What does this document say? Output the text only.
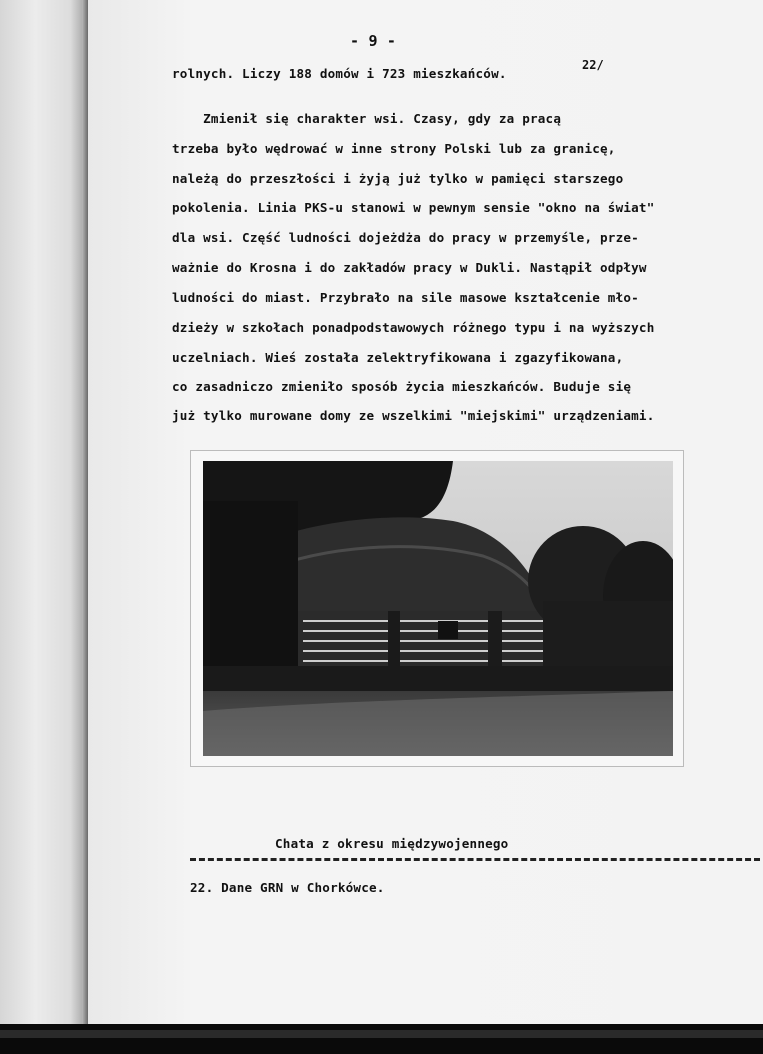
- 9 -
rolnych. Liczy 188 domów i 723 mieszkańców.
22/
Zmienił się charakter wsi. Czasy, gdy za pracą
trzeba było wędrować w inne strony Polski lub za granicę,
należą do przeszłości i żyją już tylko w pamięci starszego
pokolenia. Linia PKS-u stanowi w pewnym sensie "okno na świat"
dla wsi. Część ludności dojeżdża do pracy w przemyśle, prze-
ważnie do Krosna i do zakładów pracy w Dukli. Nastąpił odpływ
ludności do miast. Przybrało na sile masowe kształcenie mło-
dzieży w szkołach ponadpodstawowych różnego typu i na wyższych
uczelniach. Wieś została zelektryfikowana i zgazyfikowana,
co zasadniczo zmieniło sposób życia mieszkańców. Buduje się
już tylko murowane domy ze wszelkimi "miejskimi" urządzeniami.
Chata z okresu międzywojennego
22. Dane GRN w Chorkówce.
